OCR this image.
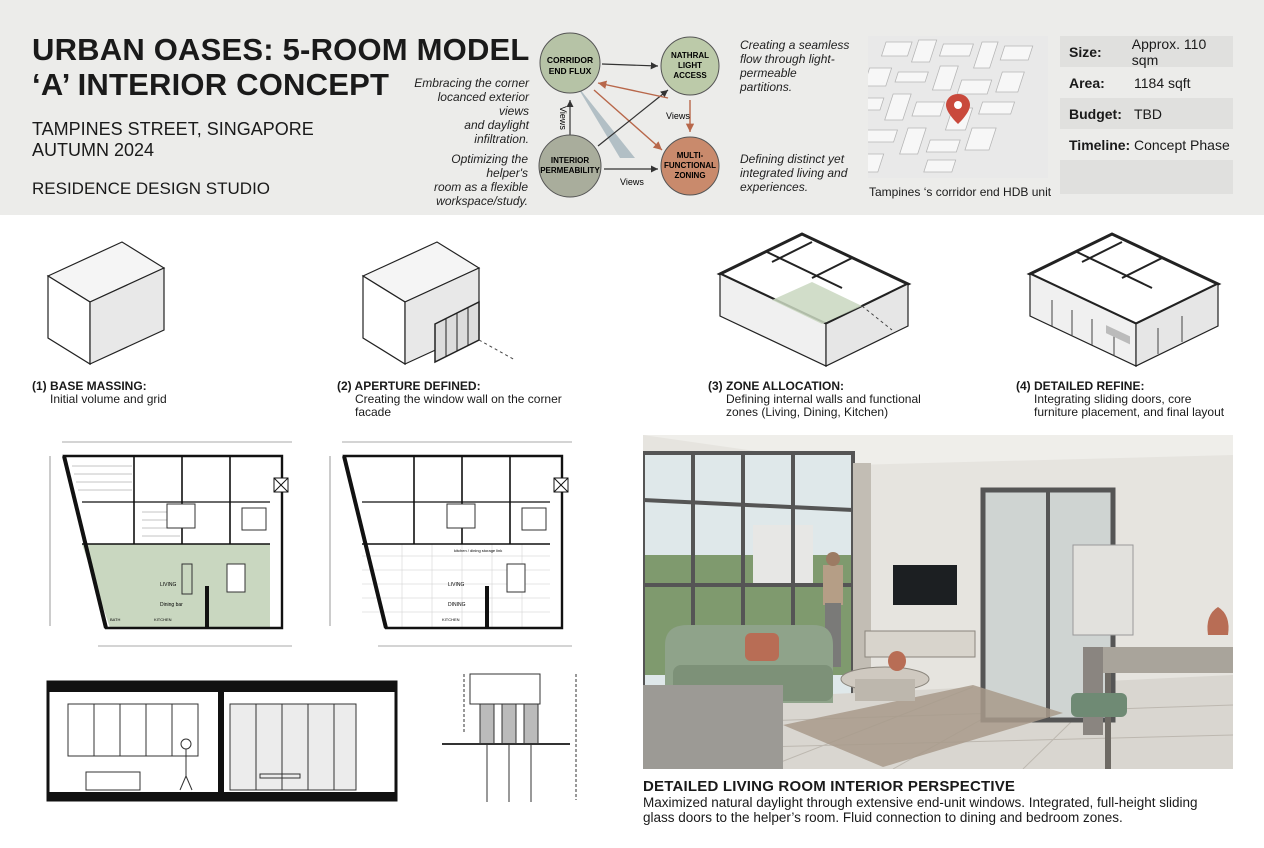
URBAN OASES: 5-ROOM MODEL ‘A’ INTERIOR CONCEPT
TAMPINES STREET, SINGAPORE
AUTUMN 2024
RESIDENCE DESIGN STUDIO
Embracing the corner
locanced exterior views
and daylight infiltration.
Optimizing the helper's
room as a flexible
workspace/study.
Creating a seamless
flow through light-
permeable
partitions.
Defining distinct yet
integrated living and
experiences.
CORRIDOR
END FLUX
NATHRAL
LIGHT
ACCESS
INTERIOR
PERMEABILITY
MULTI-
FUNCTIONAL
ZONING
Views	Views
Views
Tampines ‘s corridor end HDB unit
Size:	Approx. 110 sqm
Area:	1184 sqft
Budget: TBD
Timeline: Concept Phase
(1) BASE MASSING:
Initial volume and grid
(2) APERTURE DEFINED:
Creating the window wall on the corner
facade
(3) ZONE ALLOCATION:
Defining internal walls and functional
zones (Living, Dining, Kitchen)
(4) DETAILED REFINE:
Integrating sliding doors, core
furniture placement, and final layout
LIVING
Dining bar
KITCHEN
BATH
kitchen / dining storage link
LIVING
DINING
KITCHEN
DETAILED LIVING ROOM INTERIOR PERSPECTIVE
Maximized natural daylight through extensive end-unit windows. Integrated, full-height sliding glass doors to the helper’s room. Fluid connection to dining and bedroom zones.
